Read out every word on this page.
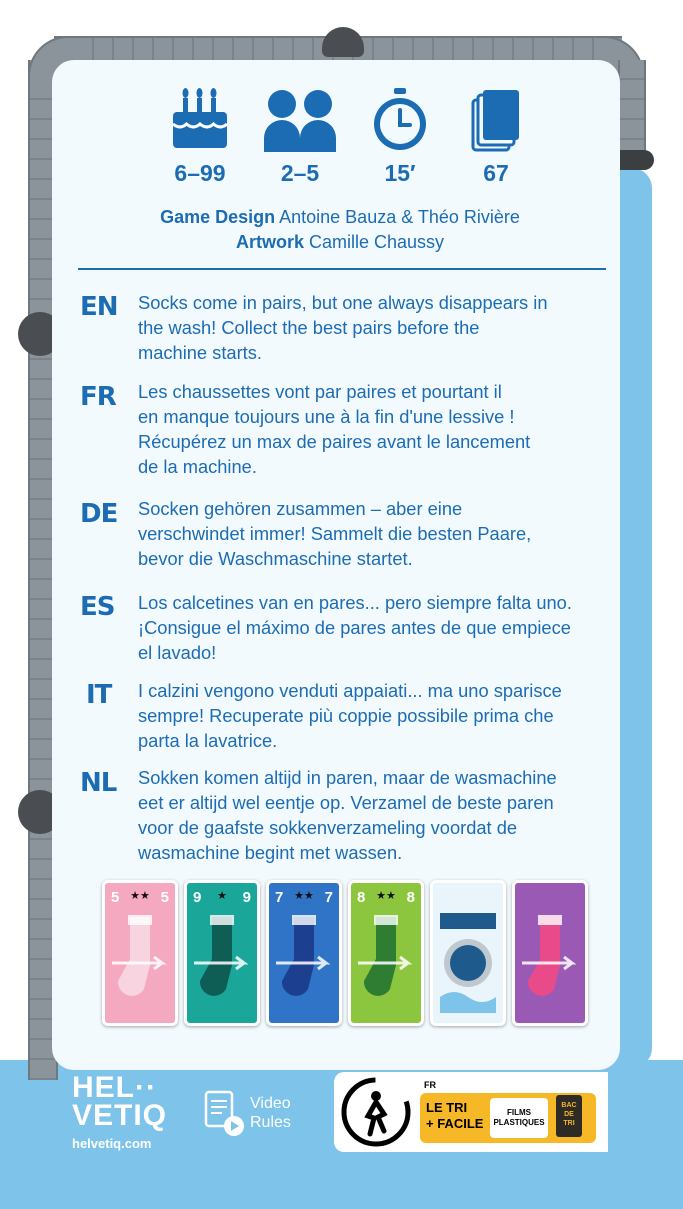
6–99	2–5	15′	67
Game Design Antoine Bauza & Théo Rivière
Artwork Camille Chaussy
EN	Socks come in pairs, but one always disappears in
the wash! Collect the best pairs before the
machine starts.
FR	Les chaussettes vont par paires et pourtant il
en manque toujours une à la fin d'une lessive !
Récupérez un max de paires avant le lancement
de la machine.
DE	Socken gehören zusammen – aber eine
verschwindet immer! Sammelt die besten Paare,
bevor die Waschmaschine startet.
ES	Los calcetines van en pares... pero siempre falta uno.
¡Consigue el máximo de pares antes de que empiece
el lavado!
IT	I calzini vengono venduti appaiati... ma uno sparisce
sempre! Recuperate più coppie possibile prima che
parta la lavatrice.
NL	Sokken komen altijd in paren, maar de wasmachine
eet er altijd wel eentje op. Verzamel de beste paren
voor de gaafste sokkenverzameling voordat de
wasmachine begint met wassen.
5 ★★ 5 9 ★ 9 7 ★★ 7 8 ★★ 8
HEL··
VETIQ
helvetiq.com
Video
Rules
FR
LE TRI
+ FACILE
FILMS
PLASTIQUES
BAC
DE
TRI
